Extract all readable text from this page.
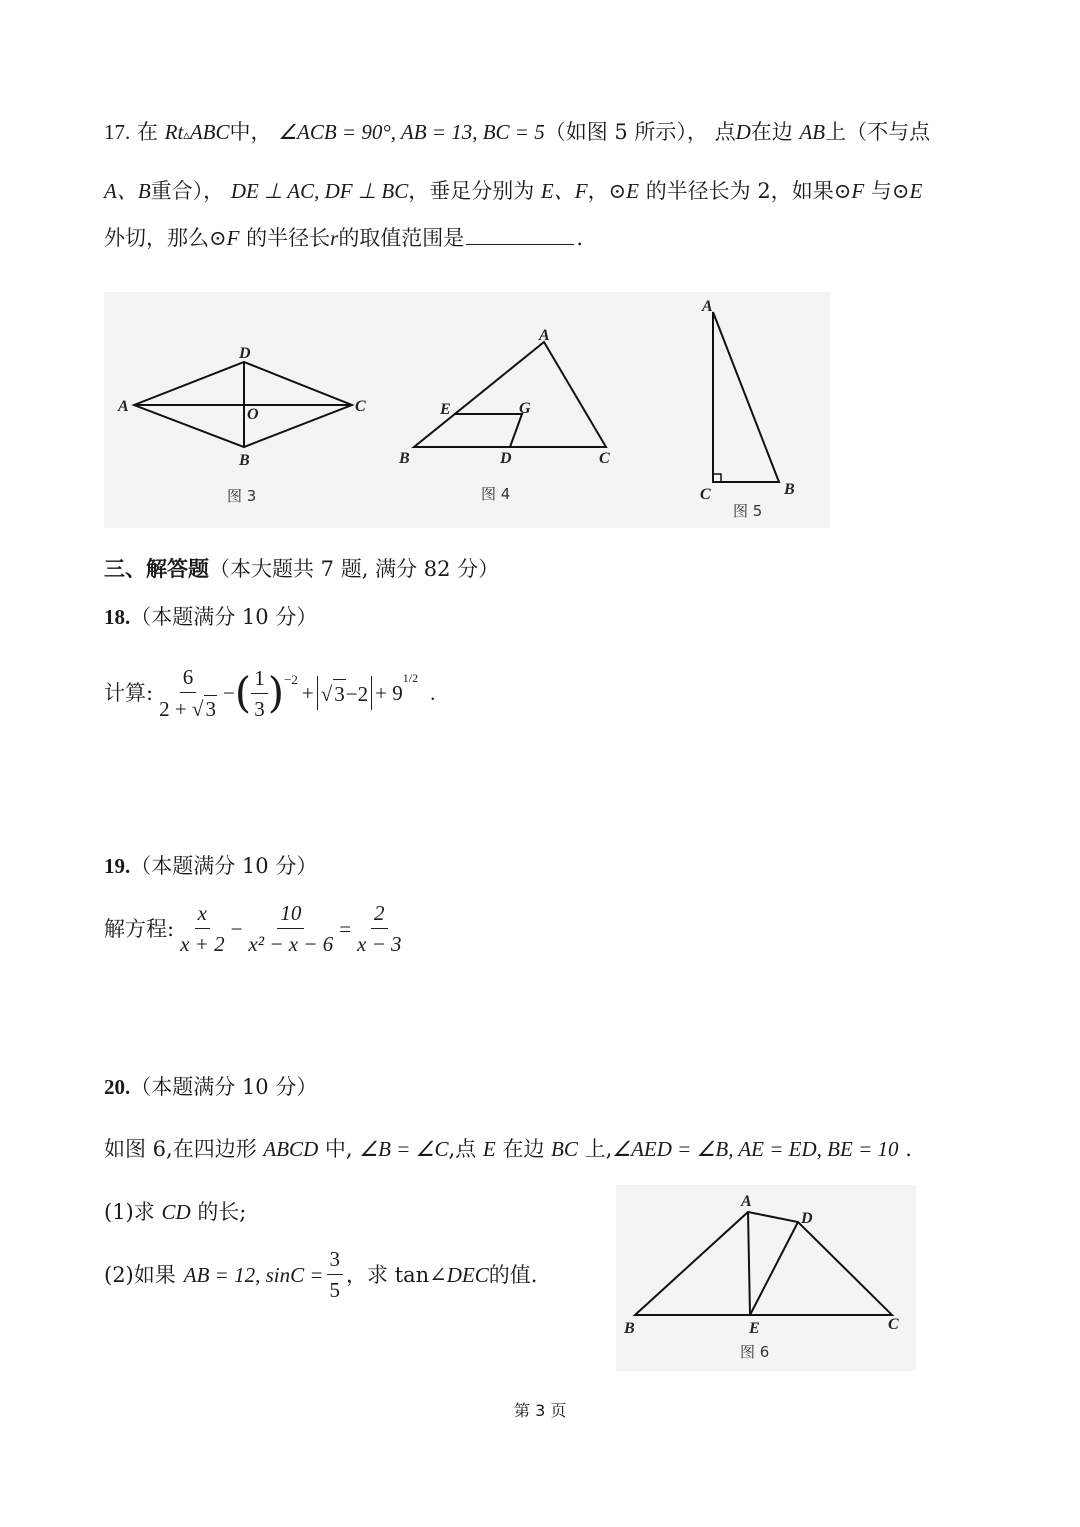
17. 在 Rt▵ABC中， ∠ACB = 90°, AB = 13, BC = 5（如图 5 所示）， 点D在边 AB上（不与点
A、B重合）， DE ⊥ AC, DF ⊥ BC，垂足分别为 E、F，⊙E 的半径长为 2，如果⊙F 与⊙E
外切，那么⊙F 的半径长r的取值范围是	.
A
D
O	C
B
A
E	G
B	D	C
A
C	B
图 3	图 4
图 5
三、解答题（本大题共 7 题, 满分 82 分）
18.（本题满分 10 分）
计算: $\frac{6}{2 + √3}$ − ( $\frac{1}{3}$ ) −2
+ √3−2 + 9
1/2
.
19.（本题满分 10 分）
解方程: $\frac{x}{x + 2} - \frac{10}{\text{x² − x − 6}} = \frac{2}{x - 3}$
20.（本题满分 10 分）
如图 6,在四边形 ABCD 中, ∠B = ∠C,点 E 在边 BC 上,∠AED = ∠B, AE = ED, BE = 10 .
(1)求 CD 的长;
(2)如果 AB = 12, $\sin C = \frac{3}{5}$ ，求 tan∠ DEC 的值.
A
D
B	E	C
图 6
第 3 页
